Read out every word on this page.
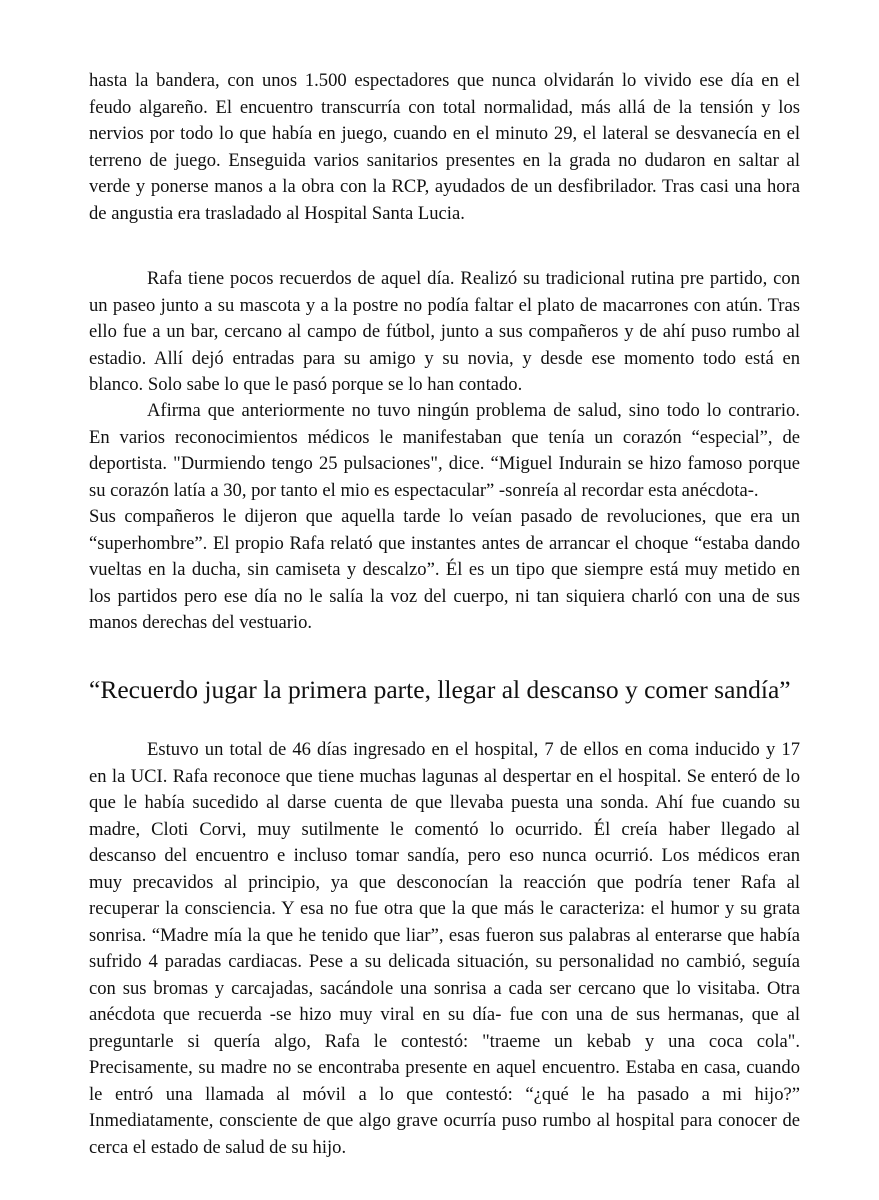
hasta la bandera, con unos 1.500 espectadores que nunca olvidarán lo vivido ese día en el
feudo algareño. El encuentro transcurría con total normalidad, más allá de la tensión y los
nervios por todo lo que había en juego, cuando en el minuto 29, el lateral se desvanecía en el
terreno de juego. Enseguida varios sanitarios presentes en la grada no dudaron en saltar al
verde y ponerse manos a la obra con la RCP, ayudados de un desfibrilador. Tras casi una hora
de angustia era trasladado al Hospital Santa Lucia.

Rafa tiene pocos recuerdos de aquel día. Realizó su tradicional rutina pre partido, con
un paseo junto a su mascota y a la postre no podía faltar el plato de macarrones con atún. Tras
ello fue a un bar, cercano al campo de fútbol, junto a sus compañeros y de ahí puso rumbo al
estadio. Allí dejó entradas para su amigo y su novia, y desde ese momento todo está en
blanco. Solo sabe lo que le pasó porque se lo han contado.

Afirma que anteriormente no tuvo ningún problema de salud, sino todo lo contrario.
En varios reconocimientos médicos le manifestaban que tenía un corazón “especial”, de
deportista. "Durmiendo tengo 25 pulsaciones", dice. “Miguel Indurain se hizo famoso porque
su corazón latía a 30, por tanto el mio es espectacular” -sonreía al recordar esta anécdota-.
Sus compañeros le dijeron que aquella tarde lo veían pasado de revoluciones, que era un
“superhombre”. El propio Rafa relató que instantes antes de arrancar el choque “estaba dando
vueltas en la ducha, sin camiseta y descalzo”. Él es un tipo que siempre está muy metido en
los partidos pero ese día no le salía la voz del cuerpo, ni tan siquiera charló con una de sus
manos derechas del vestuario.

“Recuerdo jugar la primera parte, llegar al descanso y comer sandía”

Estuvo un total de 46 días ingresado en el hospital, 7 de ellos en coma inducido y 17
en la UCI. Rafa reconoce que tiene muchas lagunas al despertar en el hospital. Se enteró de lo
que le había sucedido al darse cuenta de que llevaba puesta una sonda. Ahí fue cuando su
madre, Cloti Corvi, muy sutilmente le comentó lo ocurrido. Él creía haber llegado al
descanso del encuentro e incluso tomar sandía, pero eso nunca ocurrió. Los médicos eran
muy precavidos al principio, ya que desconocían la reacción que podría tener Rafa al
recuperar la consciencia. Y esa no fue otra que la que más le caracteriza: el humor y su grata
sonrisa. “Madre mía la que he tenido que liar”, esas fueron sus palabras al enterarse que había
sufrido 4 paradas cardiacas. Pese a su delicada situación, su personalidad no cambió, seguía
con sus bromas y carcajadas, sacándole una sonrisa a cada ser cercano que lo visitaba. Otra
anécdota que recuerda -se hizo muy viral en su día- fue con una de sus hermanas, que al
preguntarle si quería algo, Rafa le contestó: "traeme un kebab y una coca cola".
Precisamente, su madre no se encontraba presente en aquel encuentro. Estaba en casa, cuando
le entró una llamada al móvil a lo que contestó: “¿qué le ha pasado a mi hijo?”
Inmediatamente, consciente de que algo grave ocurría puso rumbo al hospital para conocer de
cerca el estado de salud de su hijo.
